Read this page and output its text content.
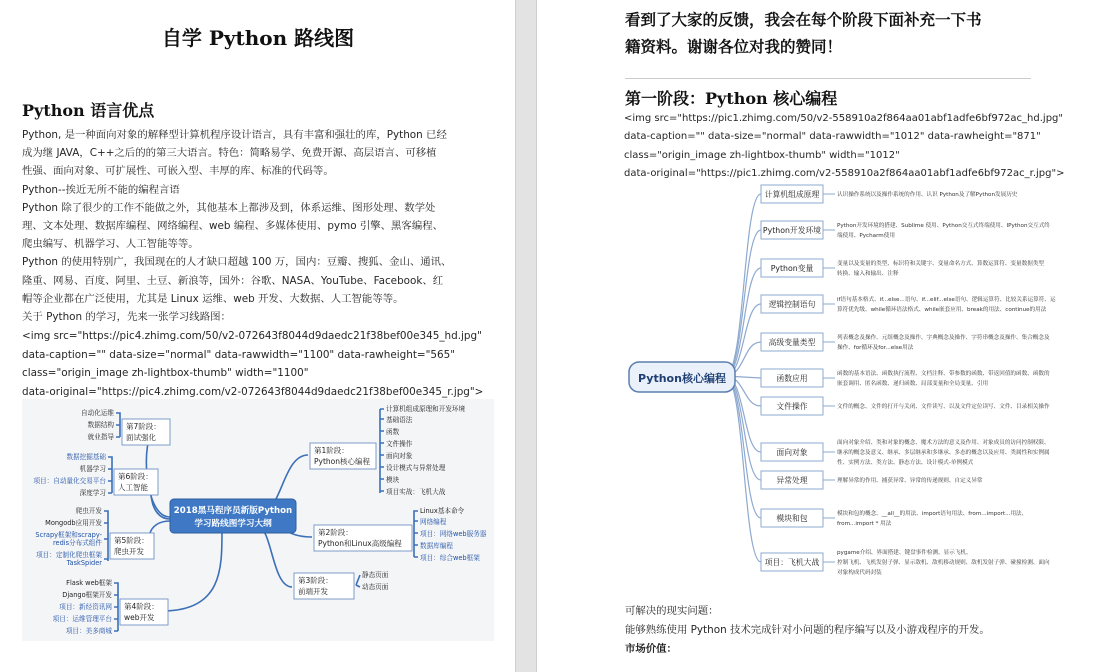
自学 Python 路线图
Python 语言优点
Python, 是一种面向对象的解释型计算机程序设计语言，具有丰富和强壮的库，Python 已经
成为继 JAVA，C++之后的的第三大语言。特色：简略易学、免费开源、高层语言、可移植
性强、面向对象、可扩展性、可嵌入型、丰厚的库、标准的代码等。
Python--挨近无所不能的编程言语
Python 除了很少的工作不能做之外，其他基本上都涉及到，体系运维、图形处理、数学处
理、文本处理、数据库编程、网络编程、web 编程、多媒体使用、pymo 引擎、黑客编程、
爬虫编写、机器学习、人工智能等等。
Python 的使用特别广，我国现在的人才缺口超越 100 万，国内：豆瓣、搜狐、金山、通讯、
隆重、网易、百度、阿里、土豆、新浪等，国外：谷歌、NASA、YouTube、Facebook、红
帽等企业都在广泛使用，尤其是 Linux 运维、web 开发、大数据、人工智能等等。
关于 Python 的学习，先来一张学习线路图：
<img src="https://pic4.zhimg.com/50/v2-072643f8044d9daedc21f38bef00e345_hd.jpg"
data-caption="" data-size="normal" data-rawwidth="1100" data-rawheight="565"
class="origin_image zh-lightbox-thumb" width="1100"
data-original="https://pic4.zhimg.com/v2-072643f8044d9daedc21f38bef00e345_r.jpg">
2018黑马程序员新版Python
学习路线图学习大纲
第1阶段：
Python核心编程
计算机组成原理和开发环境
基础语法
函数
文件操作
面向对象
设计模式与异常处理
模块
项目实战：飞机大战
第2阶段：
Python和Linux高级编程
Linux基本命令
网络编程
项目：网络web服务器
数据库编程
项目：综合web框架
第3阶段：
前端开发
静态页面
动态页面
第4阶段：
web开发
Flask web框架
Django框架开发
项目：新经资讯网
项目：运维管理平台
项目：美多商城
第5阶段：
爬虫开发
爬虫开发
Mongodb应用开发
Scrapy框架和scrapy-
redis分布式组件
项目：定制化爬虫框架
TaskSpider
第6阶段：
人工智能
数据挖掘基础
机器学习
项目：自动量化交易平台
深度学习
第7阶段：
面试强化
自动化运维
数据结构
就业指导
看到了大家的反馈，我会在每个阶段下面补充一下书
籍资料。谢谢各位对我的赞同！
第一阶段：Python 核心编程
<img src="https://pic1.zhimg.com/50/v2-558910a2f864aa01abf1adfe6bf972ac_hd.jpg"
data-caption="" data-size="normal" data-rawwidth="1012" data-rawheight="871"
class="origin_image zh-lightbox-thumb" width="1012"
data-original="https://pic1.zhimg.com/v2-558910a2f864aa01abf1adfe6bf972ac_r.jpg">
Python核心编程
计算机组成原理	认识操作系统以及操作系统的作用、认识 Python及了解Python发展历史
Python开发环境	Python开发环境的搭建、Sublime 使用、Python交互式终端使用、IPython交互式终
端使用、Pycharm使用
Python变量	变量以及变量的类型、标识符和关键字、变量命名方式、算数运算符、变量数据类型
转换、输入和输出、注释
逻辑控制语句	if语句基本格式、if...else...语句、if...elif...else语句、逻辑运算符、比较关系运算符、运
算符优先级、while循环语法格式、while嵌套应用、break的用法、continue的用法
高级变量类型	列表概念及操作、元组概念及操作、字典概念及操作、字符串概念及操作、集合概念及
操作、for循环及for...else用法
函数应用	函数的基本语法、函数执行流程、文档注释、带参数的函数、带返回值的函数、函数的
嵌套调用、匿名函数、递归函数、局部变量和全局变量、引用
文件操作	文件的概念、文件的打开与关闭、文件读写、以及文件定位读写、文件、目录相关操作
面向对象
面向对象介绍、类和对象的概念、魔术方法的意义及作用、对象成员的访问控制权限、
继承的概念及意义、继承、多层继承和多继承、多态的概念以及应用、类属性和实例属
性、实例方法、类方法、静态方法、设计模式-单例模式
异常处理	理解异常的作用、捕获异常、异常的传递规则、自定义异常
模块和包	模块和包的概念、__all__的用法、import语句用法、from...import...用法、
from...import * 用法
项目：飞机大战
pygame介绍、界面搭建、键盘事件检测、显示飞机、
控制飞机、飞机发射子弹、显示敌机、敌机移动规则、敌机发射子弹、碰撞检测、面向
对象构成代码封装
可解决的现实问题：
能够熟练使用 Python 技术完成针对小问题的程序编写以及小游戏程序的开发。
市场价值：
